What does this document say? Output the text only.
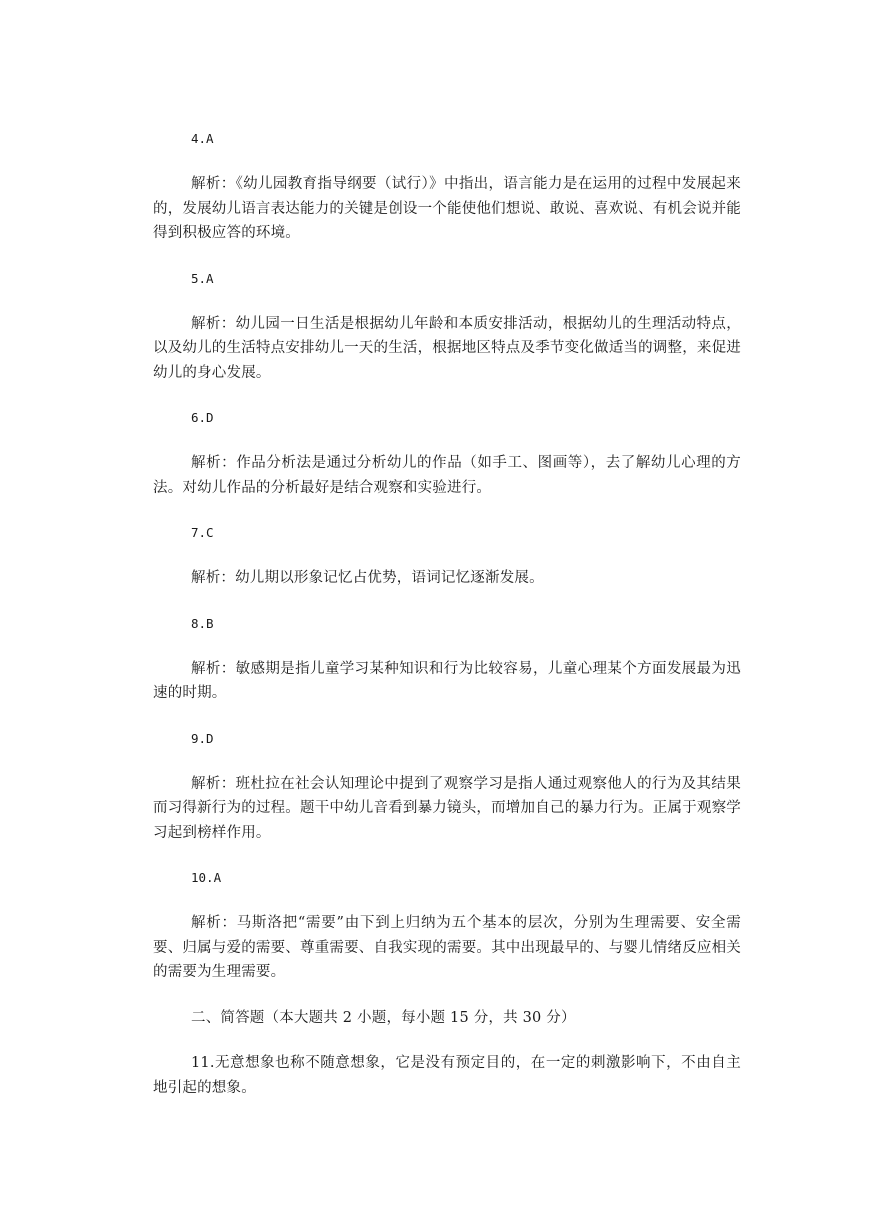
4.A

解析：《幼儿园教育指导纲要（试行）》中指出，语言能力是在运用的过程中发展起来的，发展幼儿语言表达能力的关键是创设一个能使他们想说、敢说、喜欢说、有机会说并能得到积极应答的环境。

5.A

解析：幼儿园一日生活是根据幼儿年龄和本质安排活动，根据幼儿的生理活动特点，以及幼儿的生活特点安排幼儿一天的生活，根据地区特点及季节变化做适当的调整，来促进幼儿的身心发展。

6.D

解析：作品分析法是通过分析幼儿的作品（如手工、图画等），去了解幼儿心理的方法。对幼儿作品的分析最好是结合观察和实验进行。

7.C

解析：幼儿期以形象记忆占优势，语词记忆逐渐发展。

8.B

解析：敏感期是指儿童学习某种知识和行为比较容易，儿童心理某个方面发展最为迅速的时期。

9.D

解析：班杜拉在社会认知理论中提到了观察学习是指人通过观察他人的行为及其结果而习得新行为的过程。题干中幼儿音看到暴力镜头，而增加自己的暴力行为。正属于观察学习起到榜样作用。

10.A

解析：马斯洛把“需要”由下到上归纳为五个基本的层次，分别为生理需要、安全需要、归属与爱的需要、尊重需要、自我实现的需要。其中出现最早的、与婴儿情绪反应相关的需要为生理需要。

二、简答题（本大题共 2 小题，每小题 15 分，共 30 分）

11.无意想象也称不随意想象，它是没有预定目的，在一定的刺激影响下，不由自主地引起的想象。
